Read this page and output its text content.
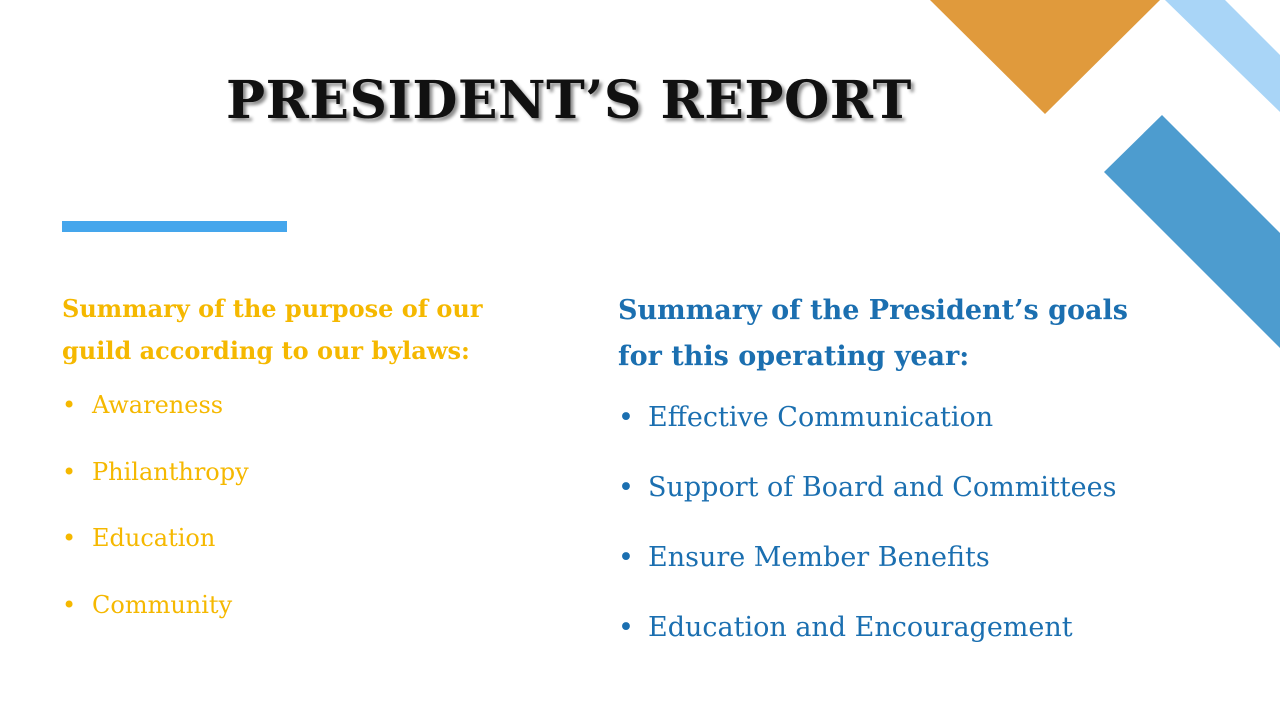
PRESIDENT’S REPORT

Summary of the purpose of our
guild according to our bylaws:

• Awareness
• Philanthropy
• Education
• Community

Summary of the President’s goals
for this operating year:

• Effective Communication
• Support of Board and Committees
• Ensure Member Benefits
• Education and Encouragement
